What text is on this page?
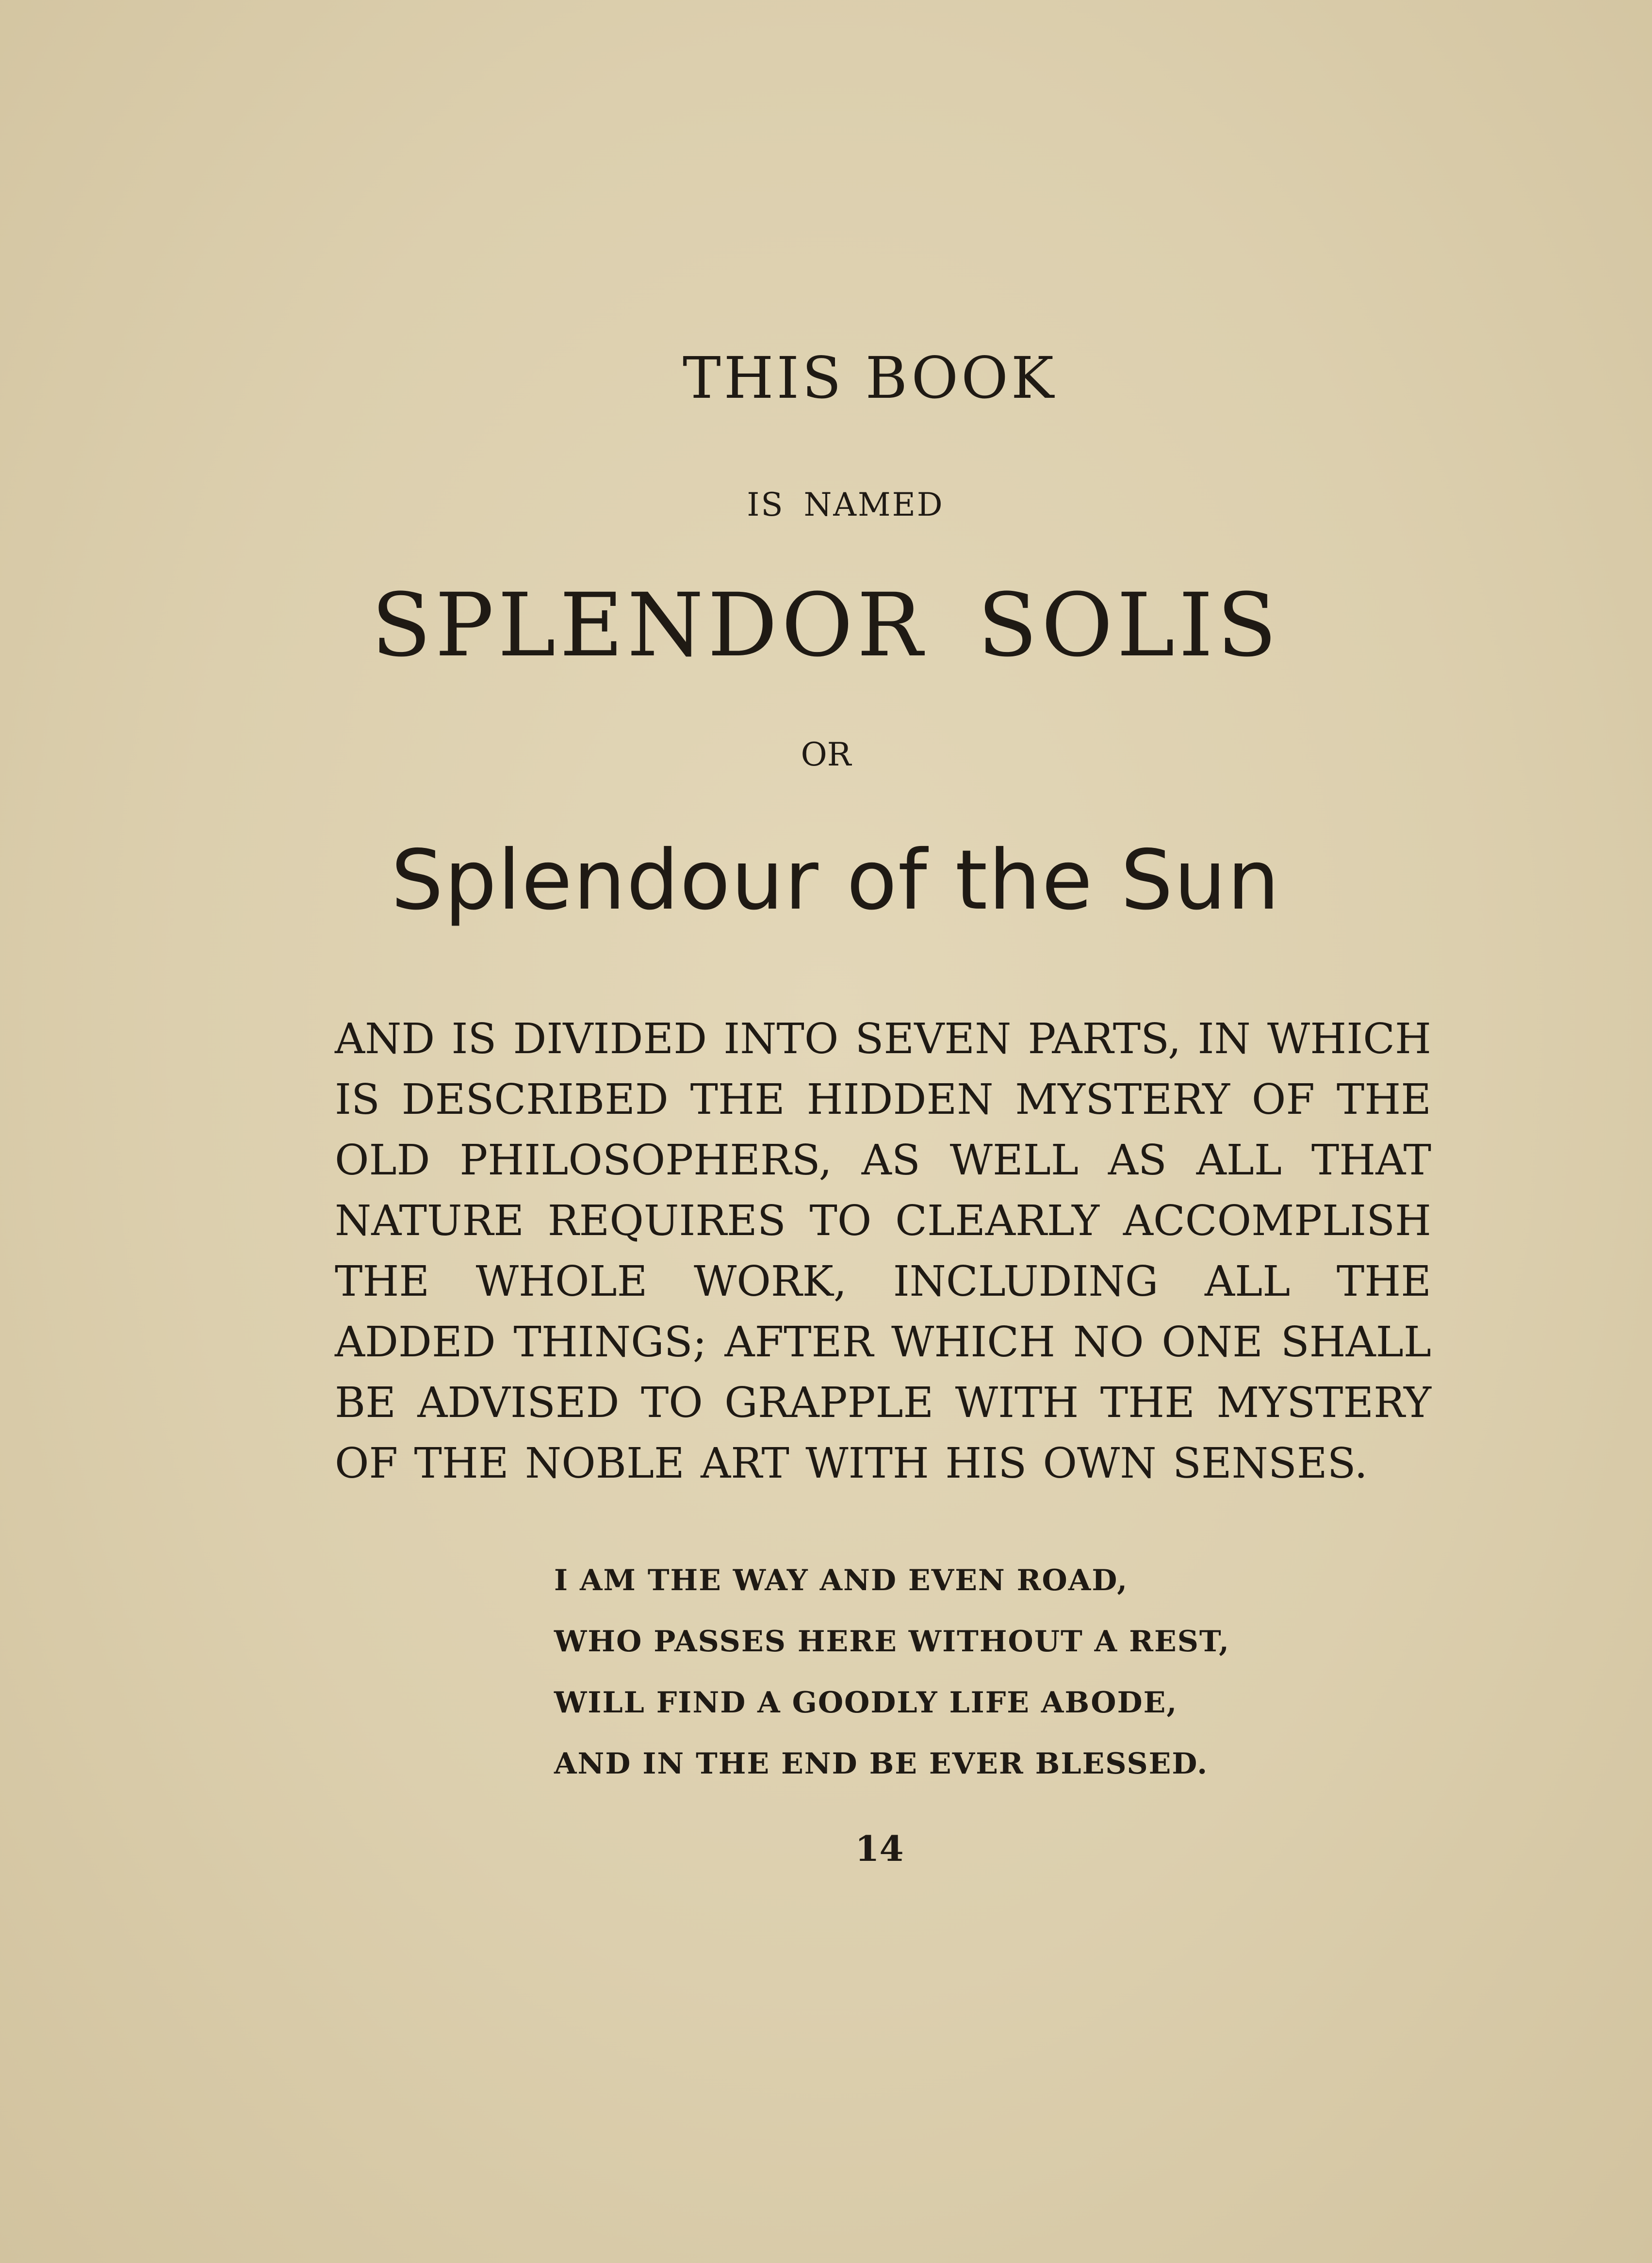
THIS BOOK
IS NAMED
SPLENDOR SOLIS
OR
Splendour of the Sun
AND IS DIVIDED INTO SEVEN PARTS, IN WHICH IS DESCRIBED THE HIDDEN MYSTERY OF THE OLD PHILOSOPHERS, AS WELL AS ALL THAT NATURE REQUIRES TO CLEARLY ACCOMPLISH THE WHOLE WORK, INCLUDING ALL THE ADDED THINGS; AFTER WHICH NO ONE SHALL BE ADVISED TO GRAPPLE WITH THE MYSTERY OF THE NOBLE ART WITH HIS OWN SENSES.
I AM THE WAY AND EVEN ROAD,
WHO PASSES HERE WITHOUT A REST,
WILL FIND A GOODLY LIFE ABODE,
AND IN THE END BE EVER BLESSED.
14
